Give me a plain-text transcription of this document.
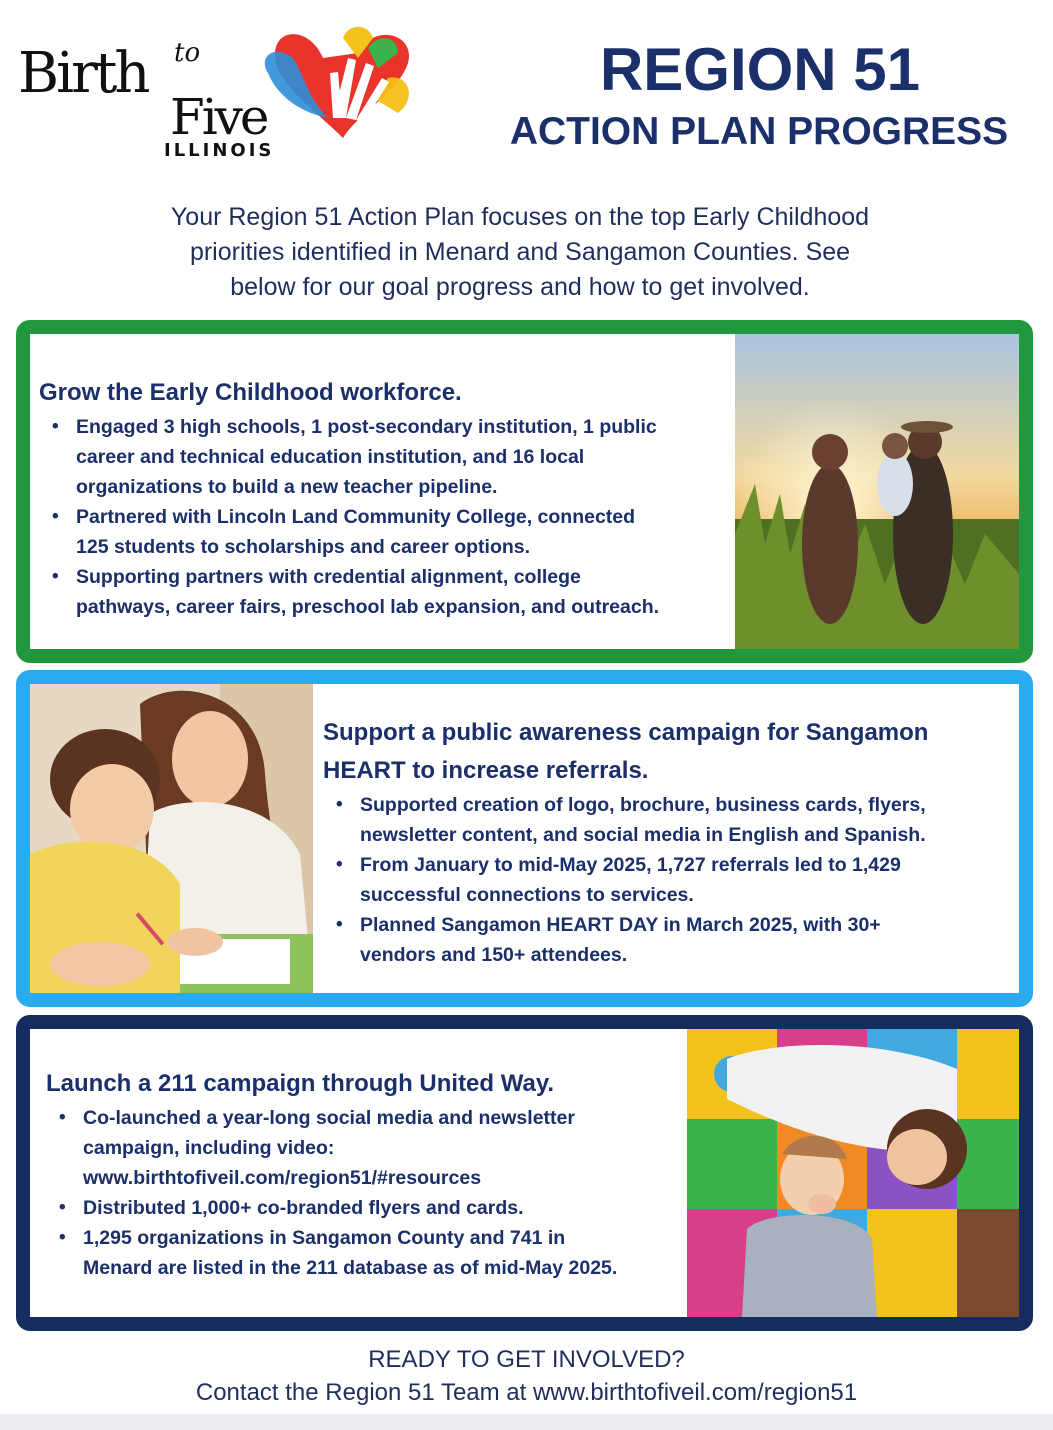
Birth to
Five
ILLINOIS
REGION 51
ACTION PLAN PROGRESS
Your Region 51 Action Plan focuses on the top Early Childhood
priorities identified in Menard and Sangamon Counties. See
below for our goal progress and how to get involved.
Grow the Early Childhood workforce.
• Engaged 3 high schools, 1 post-secondary institution, 1 public
career and technical education institution, and 16 local
organizations to build a new teacher pipeline.
• Partnered with Lincoln Land Community College, connected
125 students to scholarships and career options.
• Supporting partners with credential alignment, college
pathways, career fairs, preschool lab expansion, and outreach.
Support a public awareness campaign for Sangamon
HEART to increase referrals.
• Supported creation of logo, brochure, business cards, flyers,
newsletter content, and social media in English and Spanish.
• From January to mid-May 2025, 1,727 referrals led to 1,429
successful connections to services.
• Planned Sangamon HEART DAY in March 2025, with 30+
vendors and 150+ attendees.
Launch a 211 campaign through United Way.
• Co-launched a year-long social media and newsletter
campaign, including video:
www.birthtofiveil.com/region51/#resources
• Distributed 1,000+ co-branded flyers and cards.
• 1,295 organizations in Sangamon County and 741 in
Menard are listed in the 211 database as of mid-May 2025.
READY TO GET INVOLVED?
Contact the Region 51 Team at www.birthtofiveil.com/region51
